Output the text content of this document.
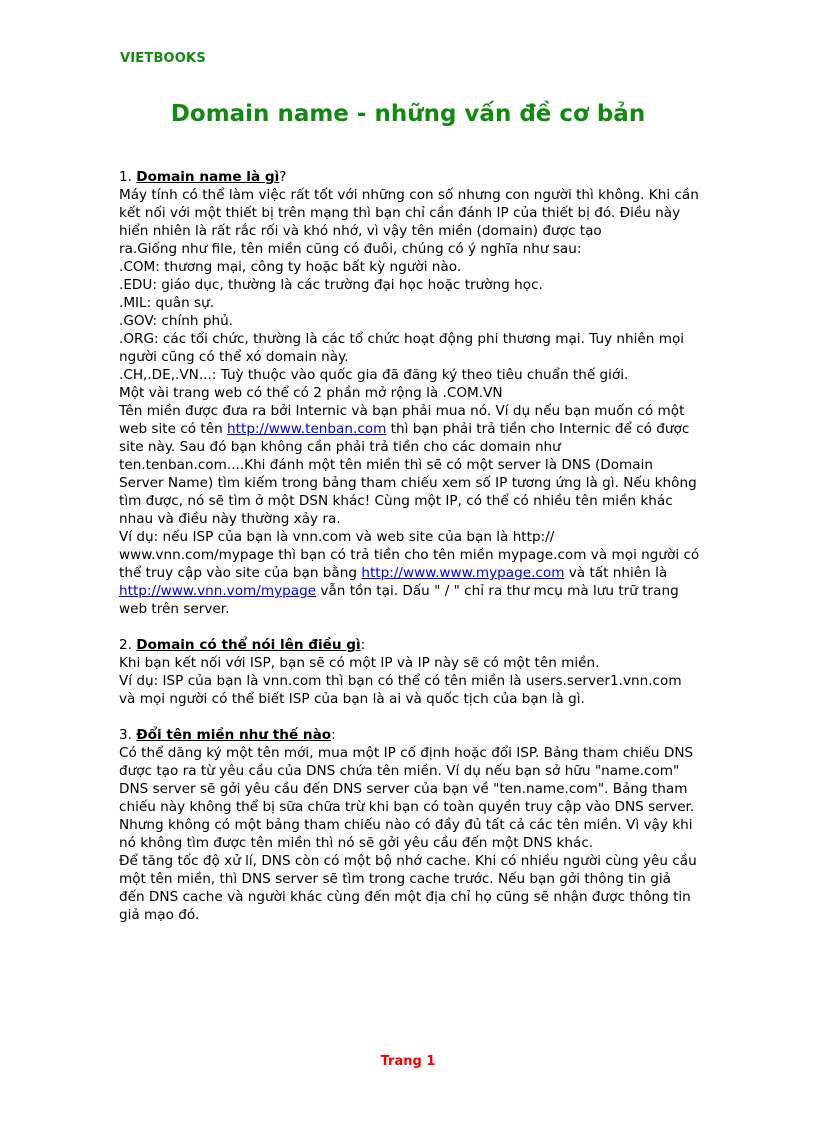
VIETBOOKS
Domain name - những vấn đề cơ bản

1. Domain name là gì?

Máy tính có thể làm việc rất tốt với những con số nhưng con người thì không. Khi cần

kết nối với một thiết bị trên mạng thì bạn chỉ cần đánh IP của thiết bị đó. Điều này

hiển nhiên là rất rắc rối và khó nhớ, vì vậy tên miền (domain) được tạo

ra.Giống như file, tên miền cũng có đuôi, chúng có ý nghĩa như sau:

.COM: thương mại, công ty hoặc bất kỳ người nào.

.EDU: giáo dục, thường là các trường đại học hoặc trường học.

.MIL: quân sự.

.GOV: chính phủ.

.ORG: các tổi chức, thường là các tổ chức hoạt động phi thương mại. Tuy nhiên mọi

người cũng có thể xó domain này.

.CH,.DE,.VN...: Tuỳ thuộc vào quốc gia đã đăng ký theo tiêu chuẩn thế giới.

Một vài trang web có thể có 2 phần mở rộng là .COM.VN

Tên miền được đưa ra bởi Internic và bạn phải mua nó. Ví dụ nếu bạn muốn có một

web site có tên http://www.tenban.com thì bạn phải trả tiền cho Internic để có được

site này. Sau đó bạn không cần phải trả tiền cho các domain như

ten.tenban.com....Khi đánh một tên miền thì sẽ có một server là DNS (Domain

Server Name) tìm kiếm trong bảng tham chiếu xem số IP tương ứng là gì. Nếu không

tìm được, nó sẽ tìm ở một DSN khác! Cùng một IP, có thể có nhiều tên miền khác

nhau và điều này thường xảy ra.

Ví dụ: nếu ISP của bạn là vnn.com và web site của bạn là http://

www.vnn.com/mypage thì bạn có trả tiền cho tên miền mypage.com và mọi người có

thể truy cập vào site của bạn bằng http://www.www.mypage.com và tất nhiên là

http://www.vnn.vom/mypage vẫn tồn tại. Dấu " / " chỉ ra thư mcụ mà lưu trữ trang

web trên server.

2. Domain có thể nói lên điều gì:

Khi bạn kết nối với ISP, bạn sẽ có một IP và IP này sẽ có một tên miền.

Ví dụ: ISP của bạn là vnn.com thì bạn có thể có tên miền là users.server1.vnn.com

và mọi người có thể biết ISP của bạn là ai và quốc tịch của bạn là gì.

3. Đổi tên miền như thế nào:

Có thể dăng ký một tên mới, mua một IP cố định hoặc đổi ISP. Bảng tham chiếu DNS

được tạo ra từ yêu cầu của DNS chứa tên miền. Ví dụ nếu bạn sở hữu "name.com"

DNS server sẽ gởi yêu cầu đến DNS server của bạn về "ten.name.com". Bảng tham

chiếu này không thể bị sữa chữa trừ khi bạn có toàn quyền truy cập vào DNS server.

Nhưng không có một bảng tham chiếu nào có đầy đủ tất cả các tên miền. Vì vậy khi

nó không tìm được tên miền thì nó sẽ gởi yêu cầu đến một DNS khác.

Để tăng tốc độ xử lí, DNS còn có một bộ nhớ cache. Khi có nhiều người cùng yêu cầu

một tên miền, thì DNS server sẽ tìm trong cache trước. Nếu bạn gởi thông tin giả

đến DNS cache và người khác cùng đến một địa chỉ họ cũng sẽ nhận được thông tin

giả mạo đó.

Trang 1
